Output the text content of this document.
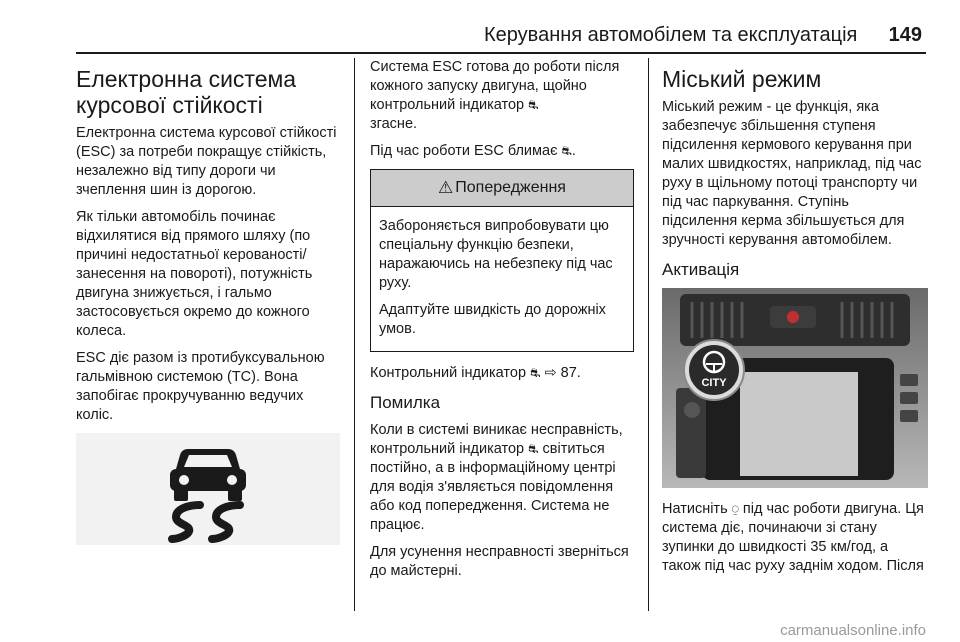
Керування автомобілем та експлуатація 149
Електронна система курсової стійкості

Електронна система курсової стійкості (ESC) за потреби покращує стійкість, незалежно від типу дороги чи зчеплення шин із дорогою.

Як тільки автомобіль починає відхилятися від прямого шляху (по причині недостатньої керованості/ занесення на повороті), потужність двигуна знижується, і гальмо застосовується окремо до кожного колеса.

ESC діє разом із протибуксувальною гальмівною системою (TC). Вона запобігає прокручуванню ведучих коліс.

Система ESC готова до роботи після кожного запуску двигуна, щойно контрольний індикатор ⛐
згасне.

Під час роботи ESC блимає ⛐.

⚠ Попередження

Забороняється випробовувати цю спеціальну функцію безпеки, наражаючись на небезпеку під час руху.

Адаптуйте швидкість до дорожніх умов.

Контрольний індикатор ⛐ ⇨ 87.

Помилка

Коли в системі виникає несправність, контрольний індикатор ⛐ світиться постійно, а в інформаційному центрі для водія з'являється повідомлення або код попередження. Система не працює.

Для усунення несправності зверніться до майстерні.

Міський режим

Міський режим - це функція, яка забезпечує збільшення ступеня підсилення кермового керування при малих швидкостях, наприклад, під час руху в щільному потоці транспорту чи під час паркування. Ступінь підсилення керма збільшується для зручності керування автомобілем.

Активація
CITY

Натисніть ⍜ під час роботи двигуна. Ця система діє, починаючи зі стану зупинки до швидкості 35 км/год, а також під час руху заднім ходом. Після

carmanualsonline.info
